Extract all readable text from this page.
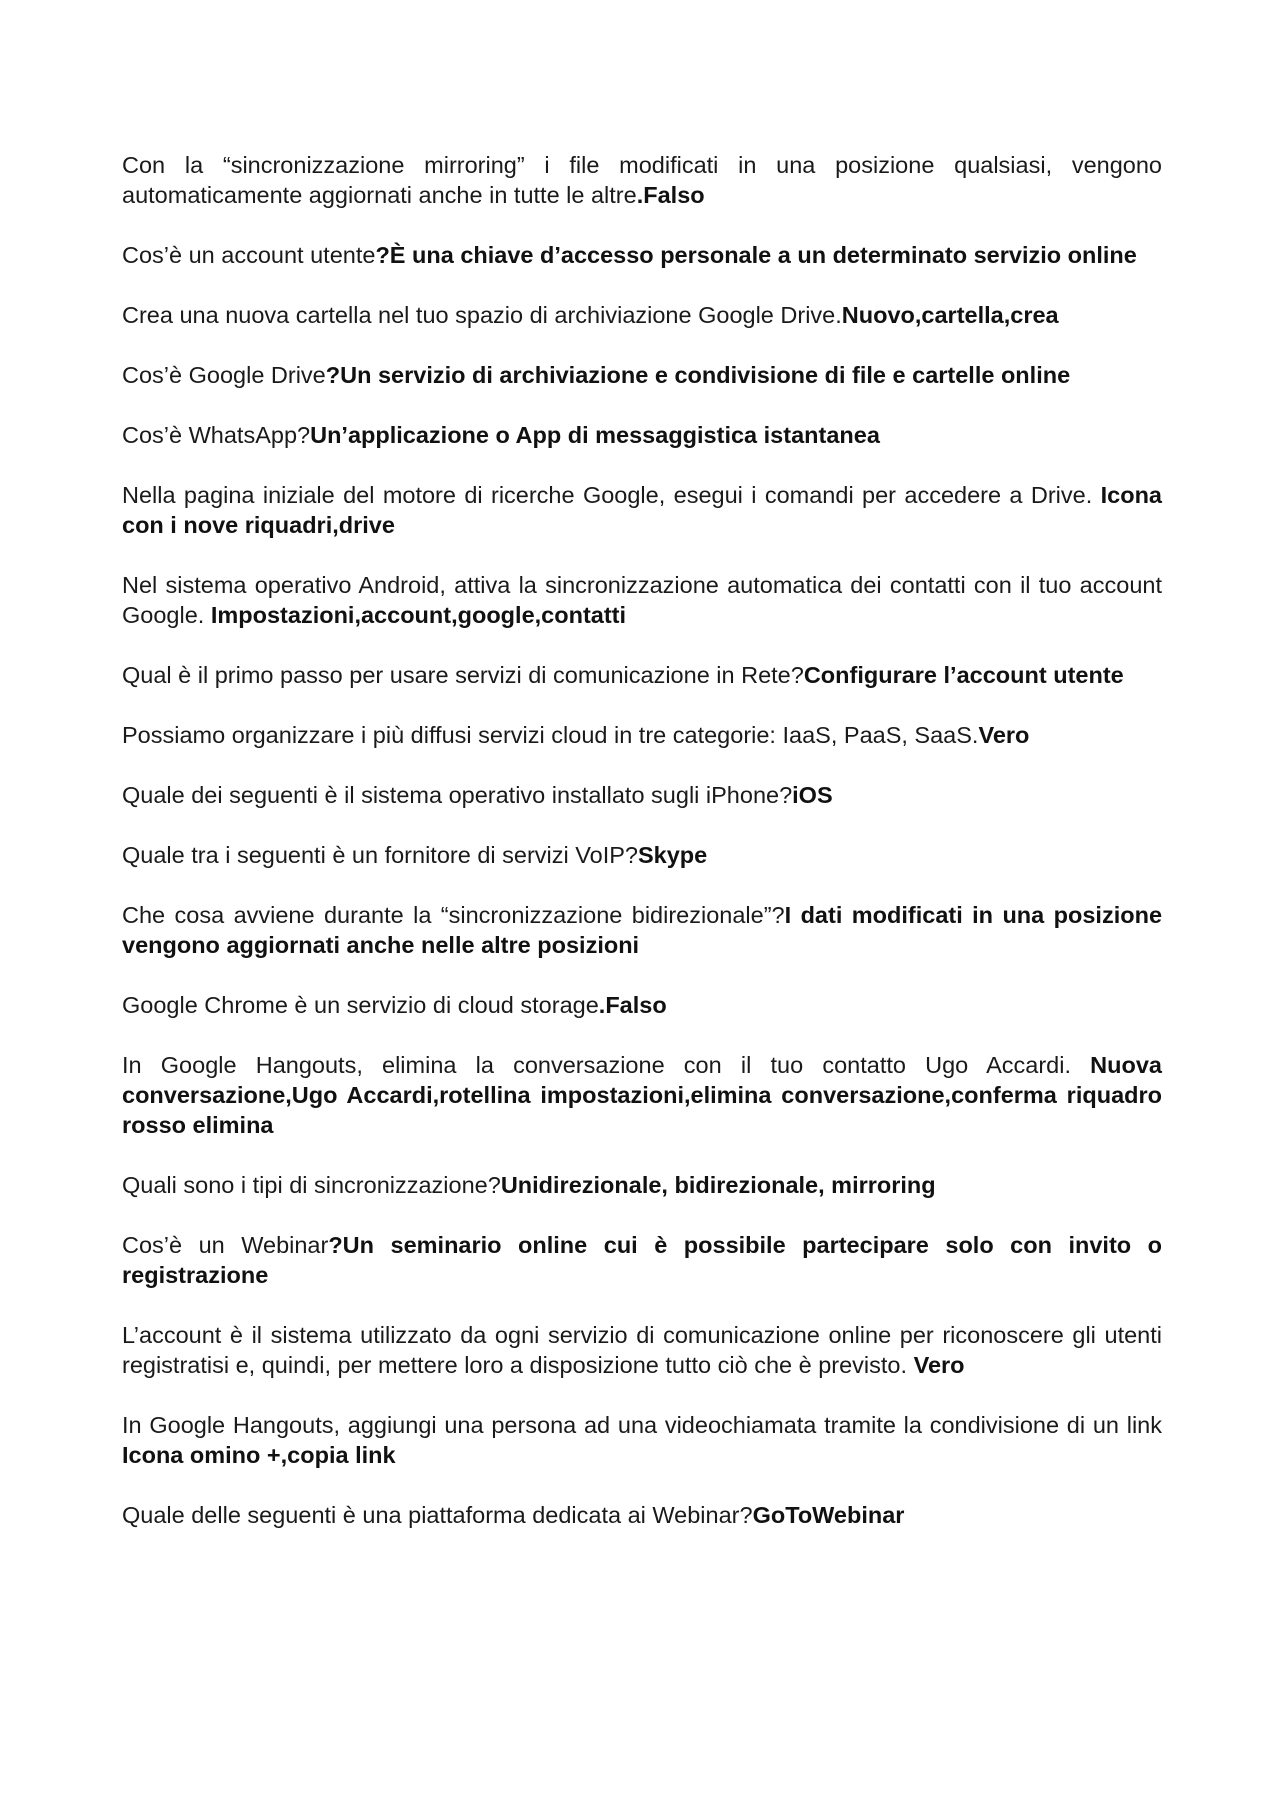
Con la “sincronizzazione mirroring” i file modificati in una posizione qualsiasi, vengono automaticamente aggiornati anche in tutte le altre.Falso

Cos’è un account utente?È una chiave d’accesso personale a un determinato servizio online

Crea una nuova cartella nel tuo spazio di archiviazione Google Drive.Nuovo,cartella,crea

Cos’è Google Drive?Un servizio di archiviazione e condivisione di file e cartelle online

Cos’è WhatsApp?Un’applicazione o App di messaggistica istantanea

Nella pagina iniziale del motore di ricerche Google, esegui i comandi per accedere a Drive. Icona con i nove riquadri,drive

Nel sistema operativo Android, attiva la sincronizzazione automatica dei contatti con il tuo account Google. Impostazioni,account,google,contatti

Qual è il primo passo per usare servizi di comunicazione in Rete?Configurare l’account utente

Possiamo organizzare i più diffusi servizi cloud in tre categorie: IaaS, PaaS, SaaS.Vero

Quale dei seguenti è il sistema operativo installato sugli iPhone?iOS

Quale tra i seguenti è un fornitore di servizi VoIP?Skype

Che cosa avviene durante la “sincronizzazione bidirezionale”?I dati modificati in una posizione vengono aggiornati anche nelle altre posizioni

Google Chrome è un servizio di cloud storage.Falso

In Google Hangouts, elimina la conversazione con il tuo contatto Ugo Accardi. Nuova conversazione,Ugo Accardi,rotellina impostazioni,elimina conversazione,conferma riquadro rosso elimina

Quali sono i tipi di sincronizzazione?Unidirezionale, bidirezionale, mirroring

Cos’è un Webinar?Un seminario online cui è possibile partecipare solo con invito o registrazione

L’account è il sistema utilizzato da ogni servizio di comunicazione online per riconoscere gli utenti registratisi e, quindi, per mettere loro a disposizione tutto ciò che è previsto. Vero

In Google Hangouts, aggiungi una persona ad una videochiamata tramite la condivisione di un link Icona omino +,copia link

Quale delle seguenti è una piattaforma dedicata ai Webinar?GoToWebinar
